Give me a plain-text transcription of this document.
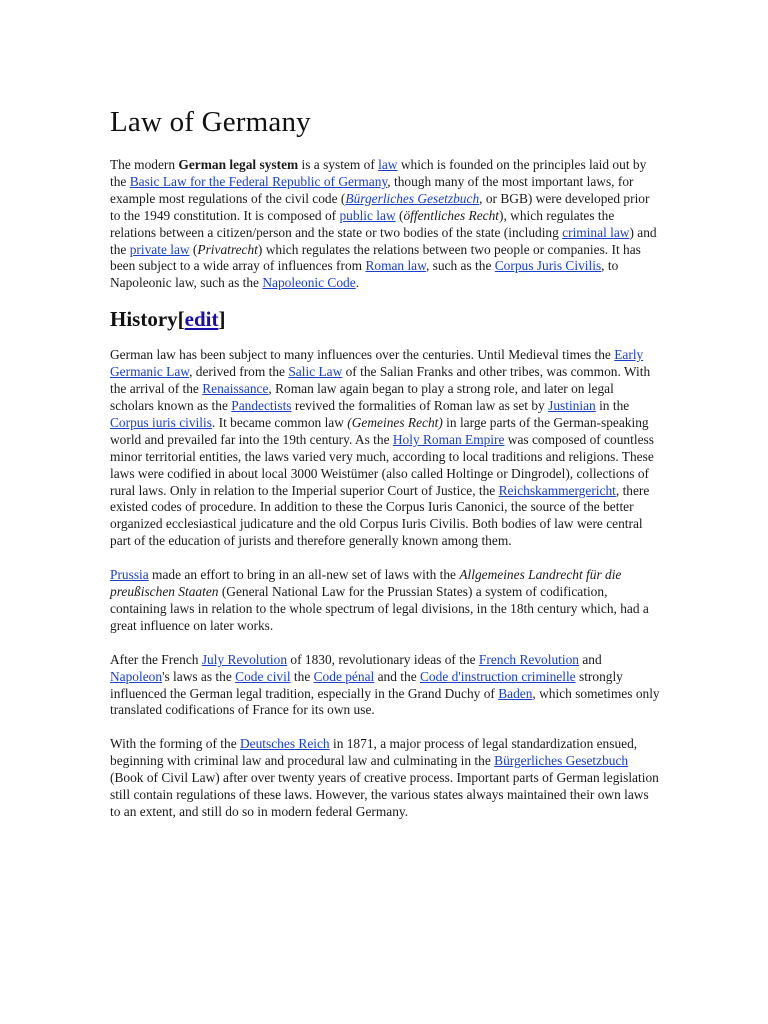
Law of Germany

The modern German legal system is a system of law which is founded on the principles laid out by the Basic Law for the Federal Republic of Germany, though many of the most important laws, for example most regulations of the civil code (Bürgerliches Gesetzbuch, or BGB) were developed prior to the 1949 constitution. It is composed of public law (öffentliches Recht), which regulates the relations between a citizen/person and the state or two bodies of the state (including criminal law) and the private law (Privatrecht) which regulates the relations between two people or companies. It has been subject to a wide array of influences from Roman law, such as the Corpus Juris Civilis, to Napoleonic law, such as the Napoleonic Code.

History[edit]

German law has been subject to many influences over the centuries. Until Medieval times the Early Germanic Law, derived from the Salic Law of the Salian Franks and other tribes, was common. With the arrival of the Renaissance, Roman law again began to play a strong role, and later on legal scholars known as the Pandectists revived the formalities of Roman law as set by Justinian in the Corpus iuris civilis. It became common law (Gemeines Recht) in large parts of the German-speaking world and prevailed far into the 19th century. As the Holy Roman Empire was composed of countless minor territorial entities, the laws varied very much, according to local traditions and religions. These laws were codified in about local 3000 Weistümer (also called Holtinge or Dingrodel), collections of rural laws. Only in relation to the Imperial superior Court of Justice, the Reichskammergericht, there existed codes of procedure. In addition to these the Corpus Iuris Canonici, the source of the better organized ecclesiastical judicature and the old Corpus Iuris Civilis. Both bodies of law were central part of the education of jurists and therefore generally known among them.

Prussia made an effort to bring in an all-new set of laws with the Allgemeines Landrecht für die preußischen Staaten (General National Law for the Prussian States) a system of codification, containing laws in relation to the whole spectrum of legal divisions, in the 18th century which, had a great influence on later works.

After the French July Revolution of 1830, revolutionary ideas of the French Revolution and Napoleon's laws as the Code civil the Code pénal and the Code d'instruction criminelle strongly influenced the German legal tradition, especially in the Grand Duchy of Baden, which sometimes only translated codifications of France for its own use.

With the forming of the Deutsches Reich in 1871, a major process of legal standardization ensued, beginning with criminal law and procedural law and culminating in the Bürgerliches Gesetzbuch (Book of Civil Law) after over twenty years of creative process. Important parts of German legislation still contain regulations of these laws. However, the various states always maintained their own laws to an extent, and still do so in modern federal Germany.
